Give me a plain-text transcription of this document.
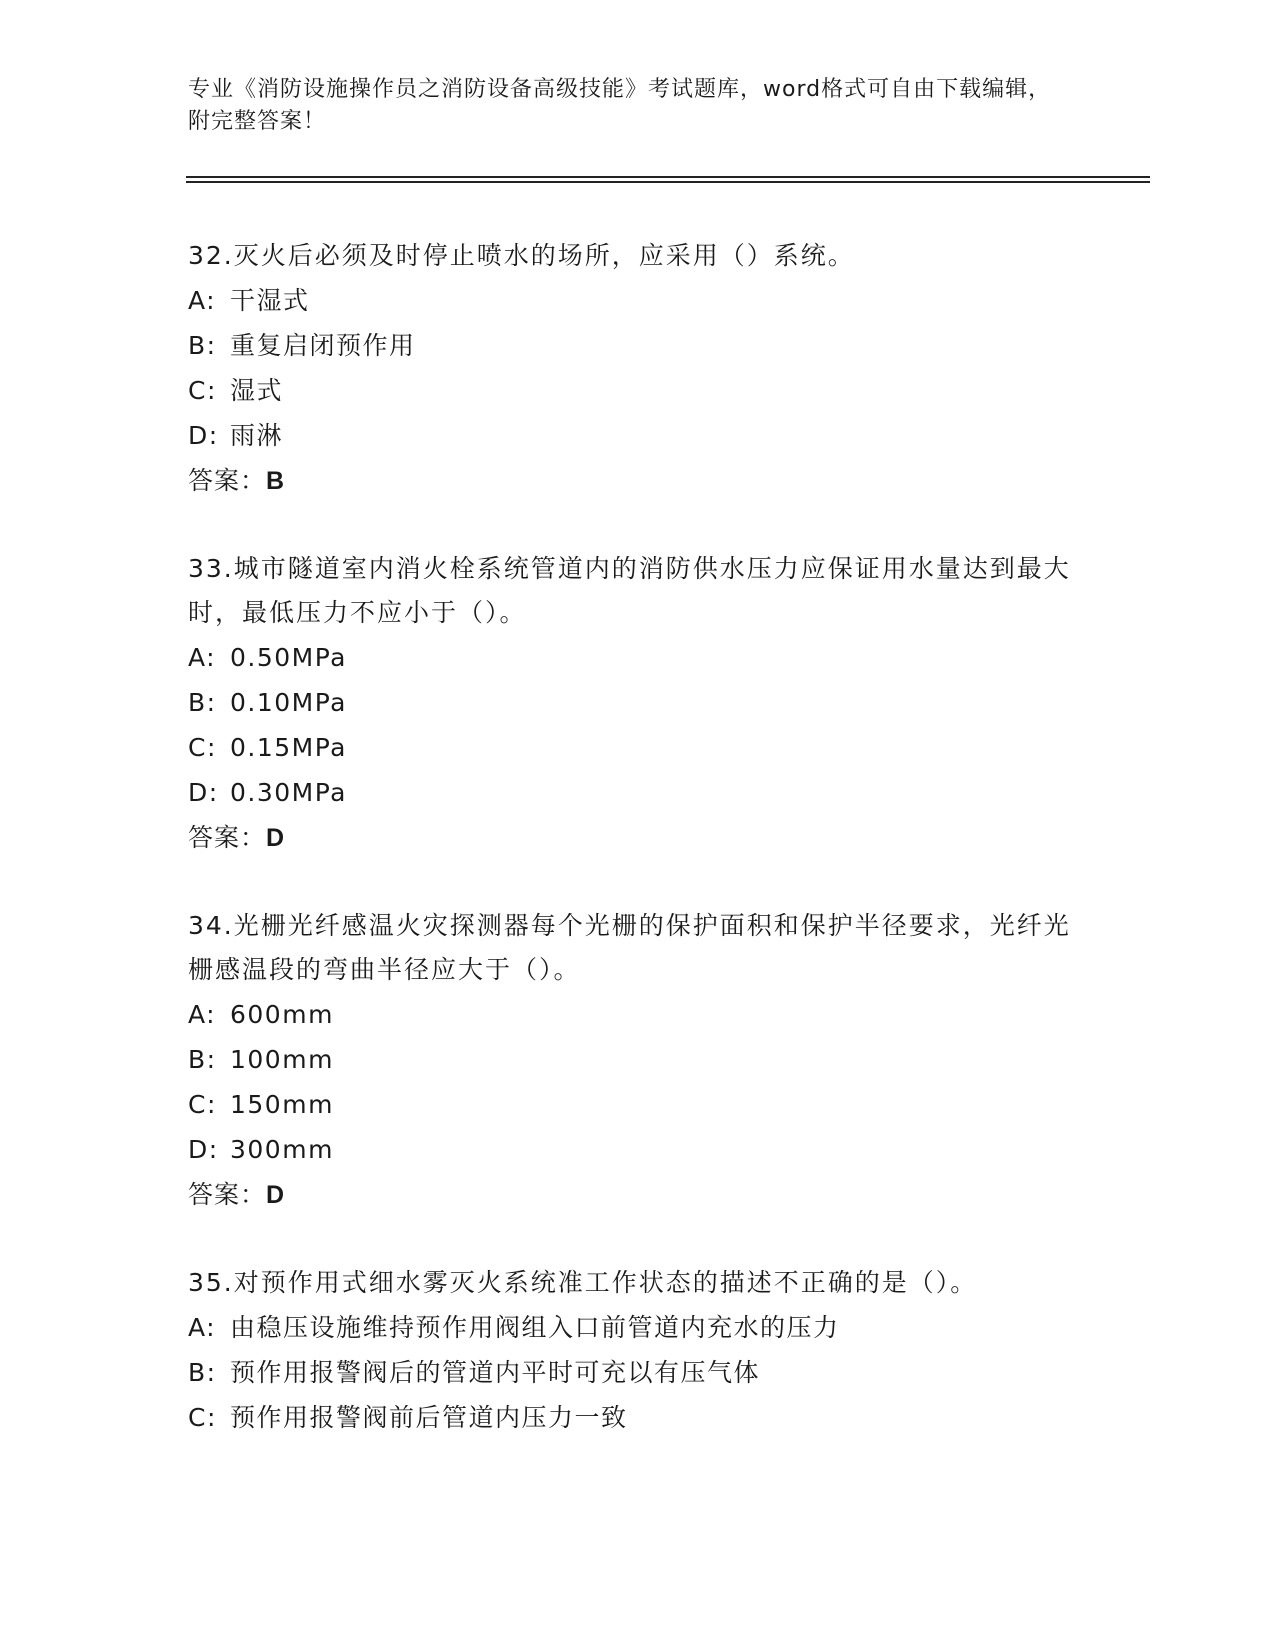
专业《消防设施操作员之消防设备高级技能》考试题库，word格式可自由下载编辑，附完整答案！

32.灭火后必须及时停止喷水的场所，应采用（）系统。

A: 干湿式

B: 重复启闭预作用

C: 湿式

D: 雨淋

答案：B

33.城市隧道室内消火栓系统管道内的消防供水压力应保证用水量达到最大时，最低压力不应小于（）。

A: 0.50MPa

B: 0.10MPa

C: 0.15MPa

D: 0.30MPa

答案：D

34.光栅光纤感温火灾探测器每个光栅的保护面积和保护半径要求，光纤光栅感温段的弯曲半径应大于（）。

A: 600mm

B: 100mm

C: 150mm

D: 300mm

答案：D

35.对预作用式细水雾灭火系统准工作状态的描述不正确的是（）。

A: 由稳压设施维持预作用阀组入口前管道内充水的压力

B: 预作用报警阀后的管道内平时可充以有压气体

C: 预作用报警阀前后管道内压力一致
